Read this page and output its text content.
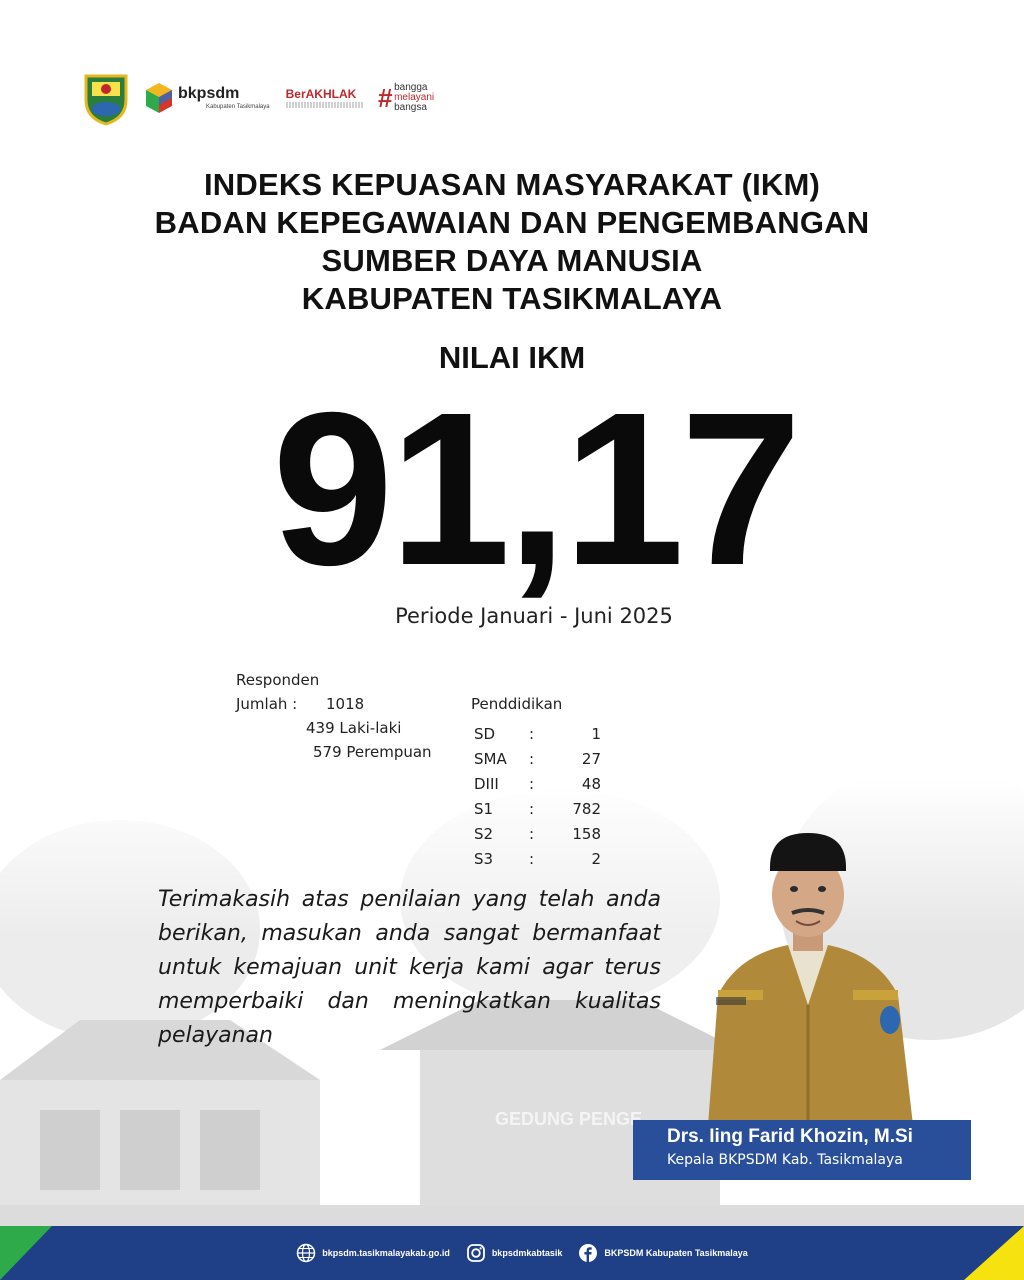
bkpsdm
Kabupaten Tasikmalaya
BerAKHLAK # bangga
melayani
bangsa
INDEKS KEPUASAN MASYARAKAT (IKM)
BADAN KEPEGAWAIAN DAN PENGEMBANGAN
SUMBER DAYA MANUSIA
KABUPATEN TASIKMALAYA
NILAI IKM
91,17
Periode Januari - Juni 2025
Responden
Jumlah : 1018
439 Laki-laki
579 Perempuan
Penddidikan
SD	:	1
SMA	:	27
DIII	:	48
S1	:	782
S2	:	158
S3	:	2
Terimakasih atas penilaian yang telah anda berikan, masukan anda sangat bermanfaat untuk kemajuan unit kerja kami agar terus memperbaiki dan meningkatkan kualitas pelayanan
Drs. Iing Farid Khozin, M.Si
Kepala BKPSDM Kab. Tasikmalaya
bkpsdm.tasikmalayakab.go.id	bkpsdmkabtasik	BKPSDM Kabupaten Tasikmalaya
